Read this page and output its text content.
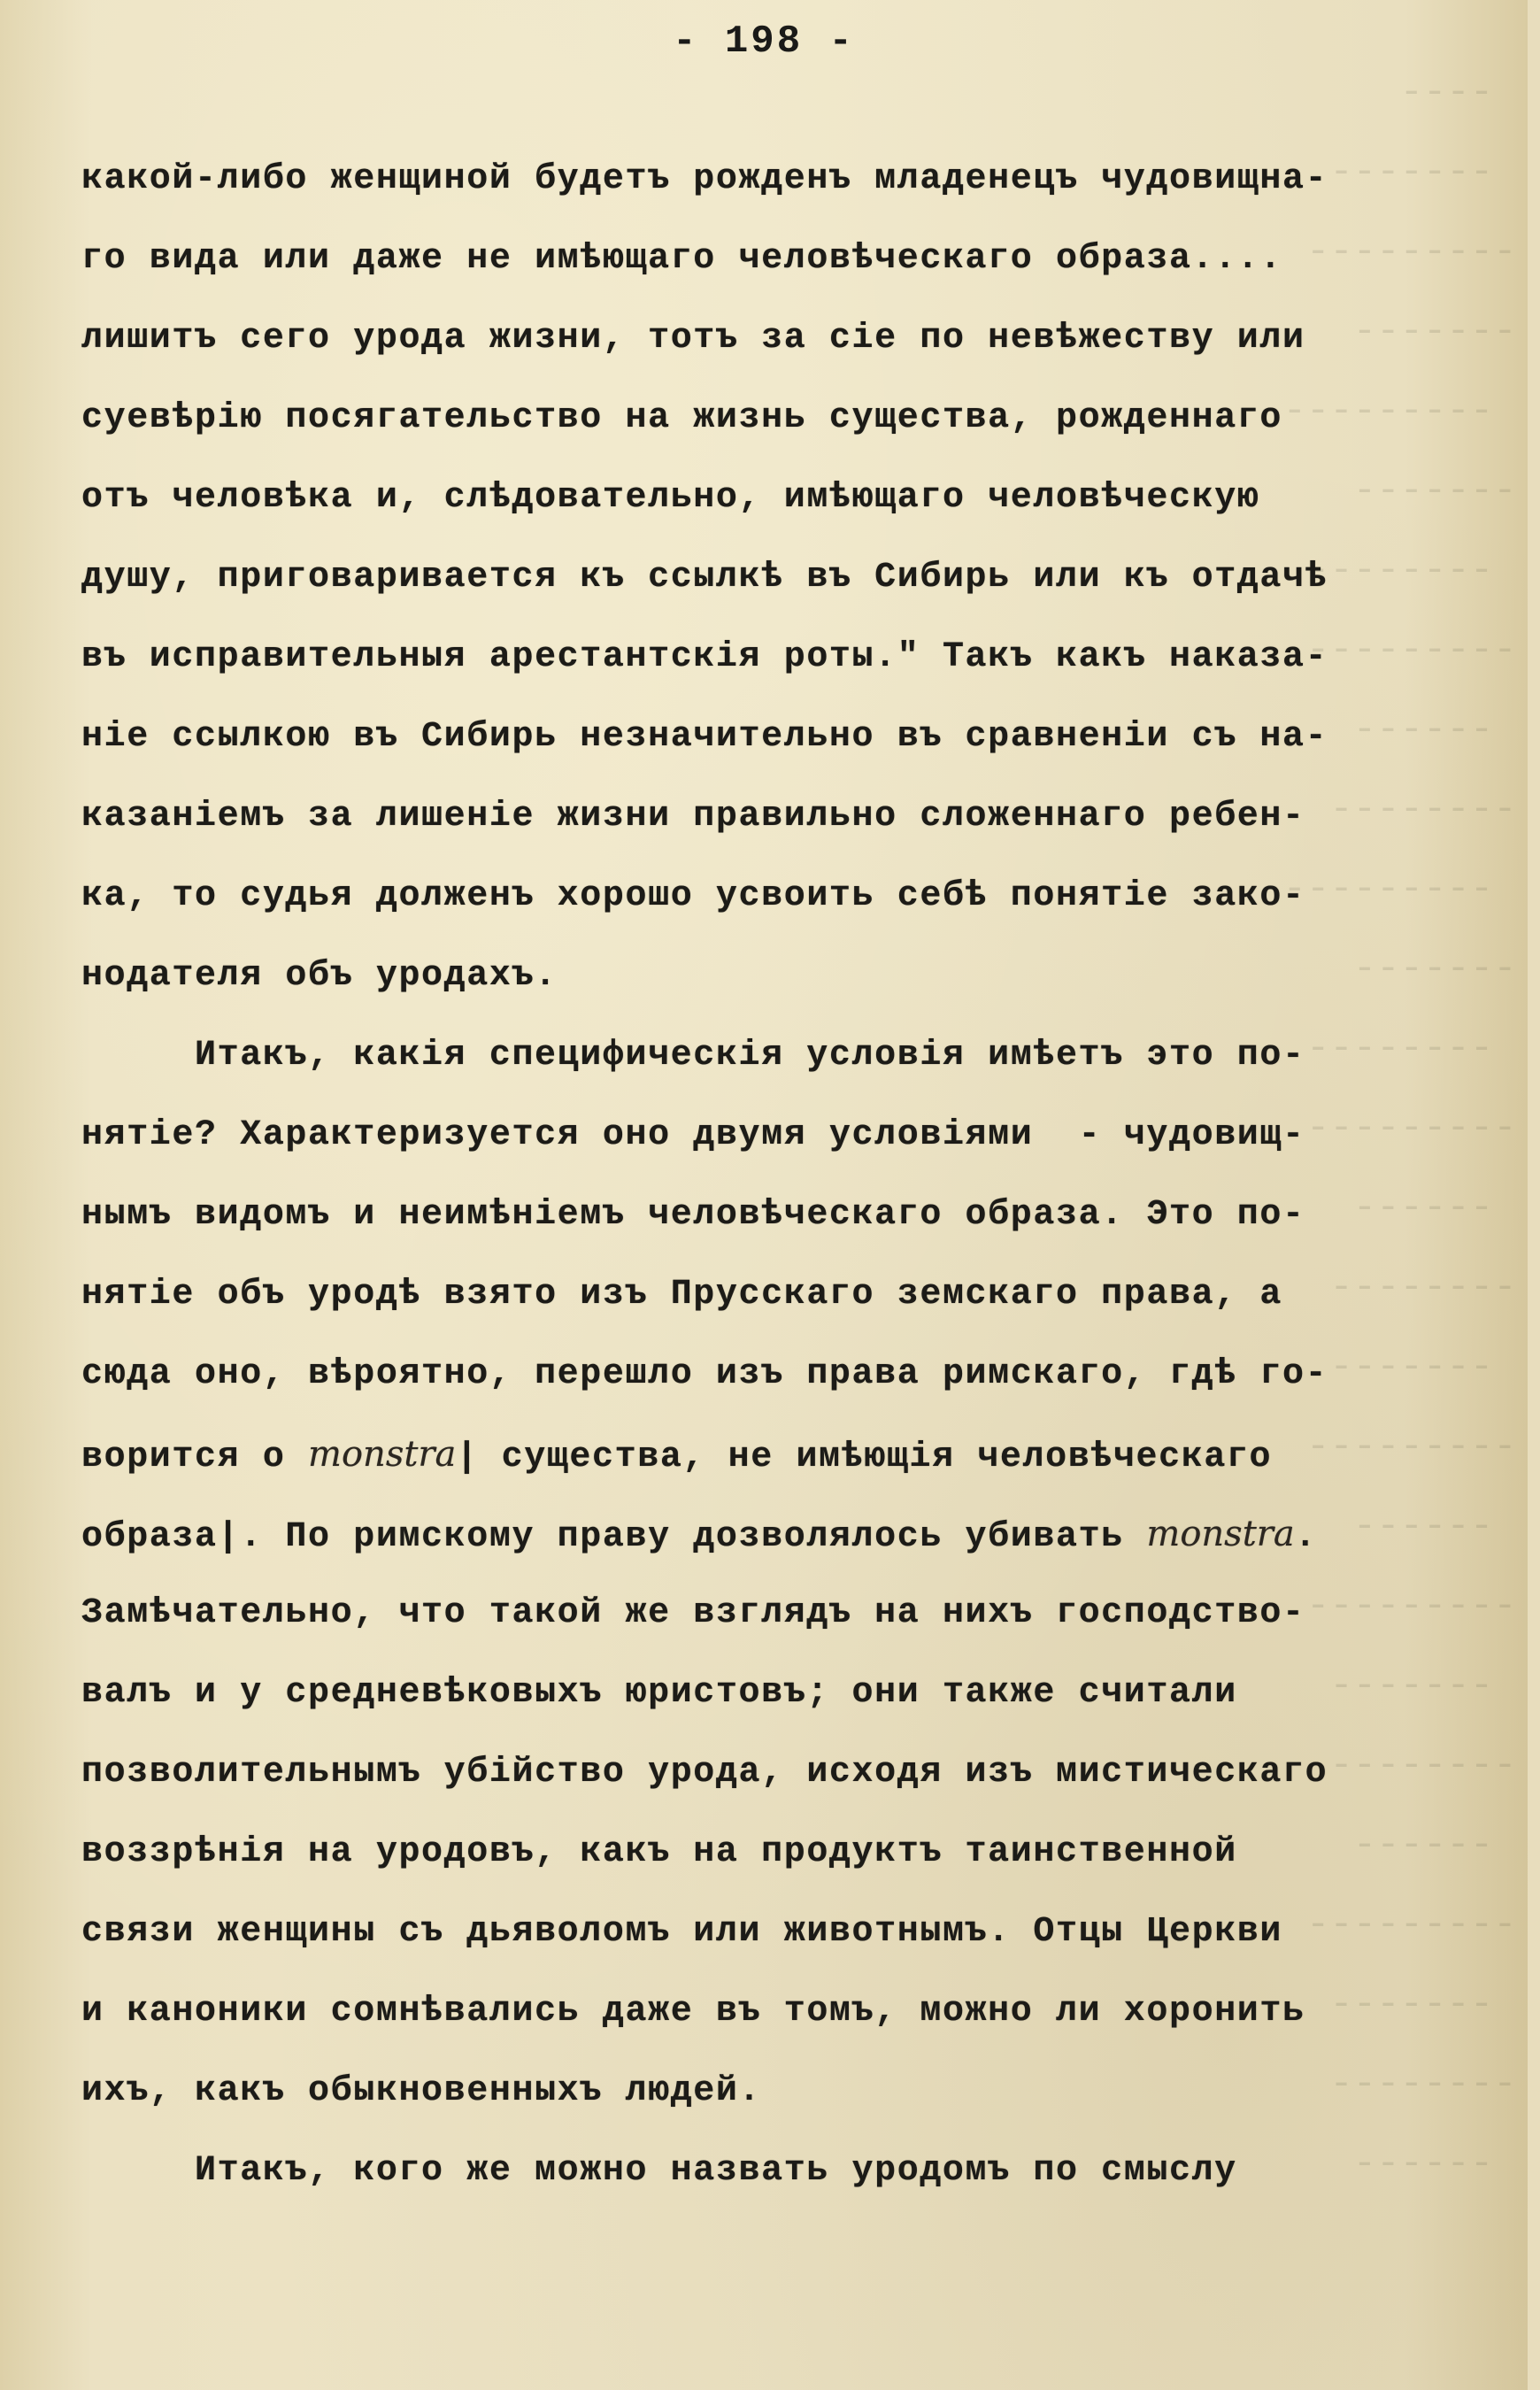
----
-------
---------
-------
---------
-------
--------
---------
------
--------
---------
-------
--------
---------
------
--------
-------
---------
------
---------
-------
--------
------
---------
-------
--------
------
- 198 -
какой-либо женщиной будетъ рожденъ младенецъ чудовищна-
го вида или даже не имѣющаго человѣческаго образа....
лишитъ сего урода жизни, тотъ за сіе по невѣжеству или
суевѣрію посягательство на жизнь существа, рожденнаго
отъ человѣка и, слѣдовательно, имѣющаго человѣческую
душу, приговаривается къ ссылкѣ въ Сибирь или къ отдачѣ
въ исправительныя арестантскія роты." Такъ какъ наказа-
ніе ссылкою въ Сибирь незначительно въ сравненіи съ на-
казаніемъ за лишеніе жизни правильно сложеннаго ребен-
ка, то судья долженъ хорошо усвоить себѣ понятіе зако-
нодателя объ уродахъ.
Итакъ, какія специфическія условія имѣетъ это по-
нятіе? Характеризуется оно двумя условіями  - чудовищ-
нымъ видомъ и неимѣніемъ человѣческаго образа. Это по-
нятіе объ уродѣ взято изъ Прусскаго земскаго права, а
сюда оно, вѣроятно, перешло изъ права римскаго, гдѣ го-
ворится о monstra| существа, не имѣющія человѣческаго
образа|. По римскому праву дозволялось убивать monstra.
Замѣчательно, что такой же взглядъ на нихъ господство-
валъ и у средневѣковыхъ юристовъ; они также считали
позволительнымъ убійство урода, исходя изъ мистическаго
воззрѣнія на уродовъ, какъ на продуктъ таинственной
связи женщины съ дьяволомъ или животнымъ. Отцы Церкви
и каноники сомнѣвались даже въ томъ, можно ли хоронить
ихъ, какъ обыкновенныхъ людей.
Итакъ, кого же можно назвать уродомъ по смыслу
